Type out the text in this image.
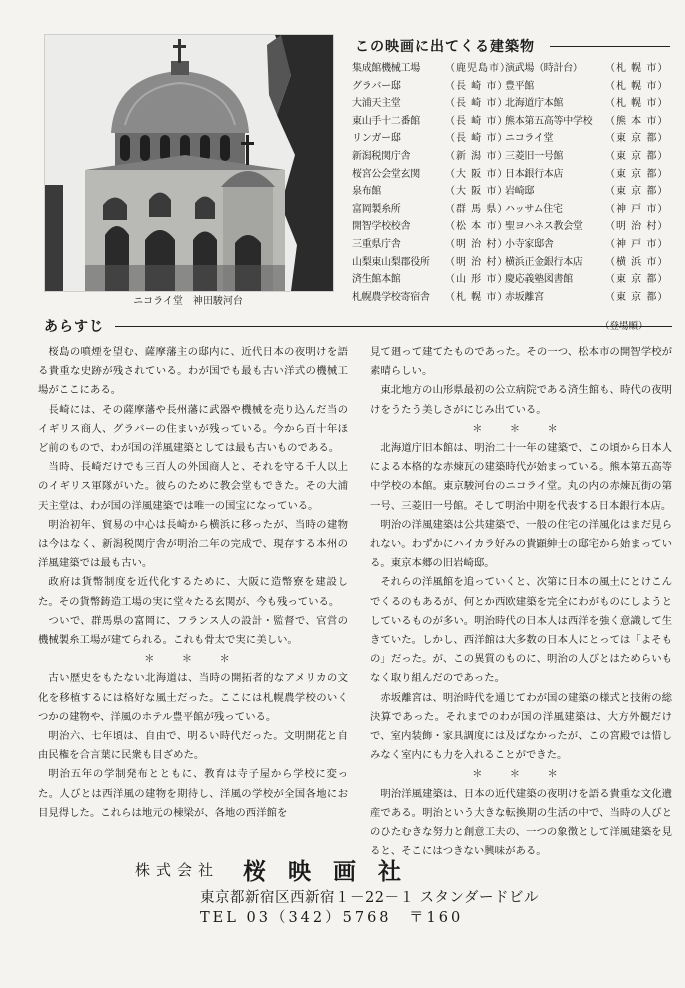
ニコライ堂　神田駿河台
この映画に出てくる建築物
集成館機械工場	（鹿児島市）
演武場（時計台）	（札 幌 市）
グラバー邸	（長 崎 市）
豊平館	（札 幌 市）
大浦天主堂	（長 崎 市）
北海道庁本館	（札 幌 市）
東山手十二番館	（長 崎 市）
熊本第五高等中学校	（熊 本 市）
リンガー邸	（長 崎 市）
ニコライ堂	（東 京 都）
新潟税関庁舎	（新 潟 市）
三菱旧一号館	（東 京 都）
桜宮公会堂玄関	（大 阪 市）
日本銀行本店	（東 京 都）
泉布館	（大 阪 市）
岩崎邸	（東 京 都）
富岡製糸所	（群 馬 県）
ハッサム住宅	（神 戸 市）
開智学校校舎	（松 本 市）
聖ヨハネス教会堂	（明 治 村）
三重県庁舎	（明 治 村）
小寺家邸舎	（神 戸 市）
山梨東山梨郡役所	（明 治 村）
横浜正金銀行本店	（横 浜 市）
済生館本館	（山 形 市）
慶応義塾図書館	（東 京 都）
札幌農学校寄宿舎	（札 幌 市）
赤坂離宮	（東 京 都）
（登場順）
あらすじ

桜島の噴煙を望む、薩摩藩主の邸内に、近代日本の夜明けを語る貴重な史跡が残されている。わが国でも最も古い洋式の機械工場がここにある。

長崎には、その薩摩藩や長州藩に武器や機械を売り込んだ当のイギリス商人、グラバーの住まいが残っている。今から百十年ほど前のもので、わが国の洋風建築としては最も古いものである。

当時、長崎だけでも三百人の外国商人と、それを守る千人以上のイギリス軍隊がいた。彼らのために教会堂もできた。その大浦天主堂は、わが国の洋風建築では唯一の国宝になっている。

明治初年、貿易の中心は長崎から横浜に移ったが、当時の建物は今はなく、新潟税関庁舎が明治二年の完成で、現存する本州の洋風建築では最も古い。

政府は貨幣制度を近代化するために、大阪に造幣寮を建設した。その貨幣鋳造工場の実に堂々たる玄関が、今も残っている。

ついで、群馬県の富岡に、フランス人の設計・監督で、官営の機械製糸工場が建てられる。これも骨太で実に美しい。

＊ ＊ ＊

古い歴史をもたない北海道は、当時の開拓者的なアメリカの文化を移植するには格好な風土だった。ここには札幌農学校のいくつかの建物や、洋風のホテル豊平館が残っている。

明治六、七年頃は、自由で、明るい時代だった。文明開花と自由民権を合言葉に民衆も目ざめた。

明治五年の学制発布とともに、教育は寺子屋から学校に変った。人びとは西洋風の建物を期待し、洋風の学校が全国各地にお目見得した。これらは地元の棟梁が、各地の西洋館を

見て廻って建てたものであった。その一つ、松本市の開智学校が素晴らしい。

東北地方の山形県最初の公立病院である済生館も、時代の夜明けをうたう美しさがにじみ出ている。

＊ ＊ ＊

北海道庁旧本館は、明治二十一年の建築で、この頃から日本人による本格的な赤煉瓦の建築時代が始まっている。熊本第五高等中学校の本館。東京駿河台のニコライ堂。丸の内の赤煉瓦街の第一号、三菱旧一号館。そして明治中期を代表する日本銀行本店。

明治の洋風建築は公共建築で、一般の住宅の洋風化はまだ見られない。わずかにハイカラ好みの貴顕紳士の邸宅から始まっている。東京本郷の旧岩崎邸。

それらの洋風館を追っていくと、次第に日本の風土にとけこんでくるのもあるが、何とか西欧建築を完全にわがものにしようとしているものが多い。明治時代の日本人は西洋を強く意識して生きていた。しかし、西洋館は大多数の日本人にとっては「よそもの」だった。が、この異質のものに、明治の人びとはためらいもなく取り組んだのであった。

赤坂離宮は、明治時代を通じてわが国の建築の様式と技術の総決算であった。それまでのわが国の洋風建築は、大方外観だけで、室内装飾・家具調度には及ばなかったが、この宮殿では惜しみなく室内にも力を入れることができた。

＊ ＊ ＊

明治洋風建築は、日本の近代建築の夜明けを語る貴重な文化遺産である。明治という大きな転換期の生活の中で、当時の人びとのひたむきな努力と創意工夫の、一つの象徴として洋風建築を見ると、そこにはつきない興味がある。

株式会社 桜映画社
東京都新宿区西新宿１－22－１ スタンダードビル
TEL 03（342）5768　〒160
